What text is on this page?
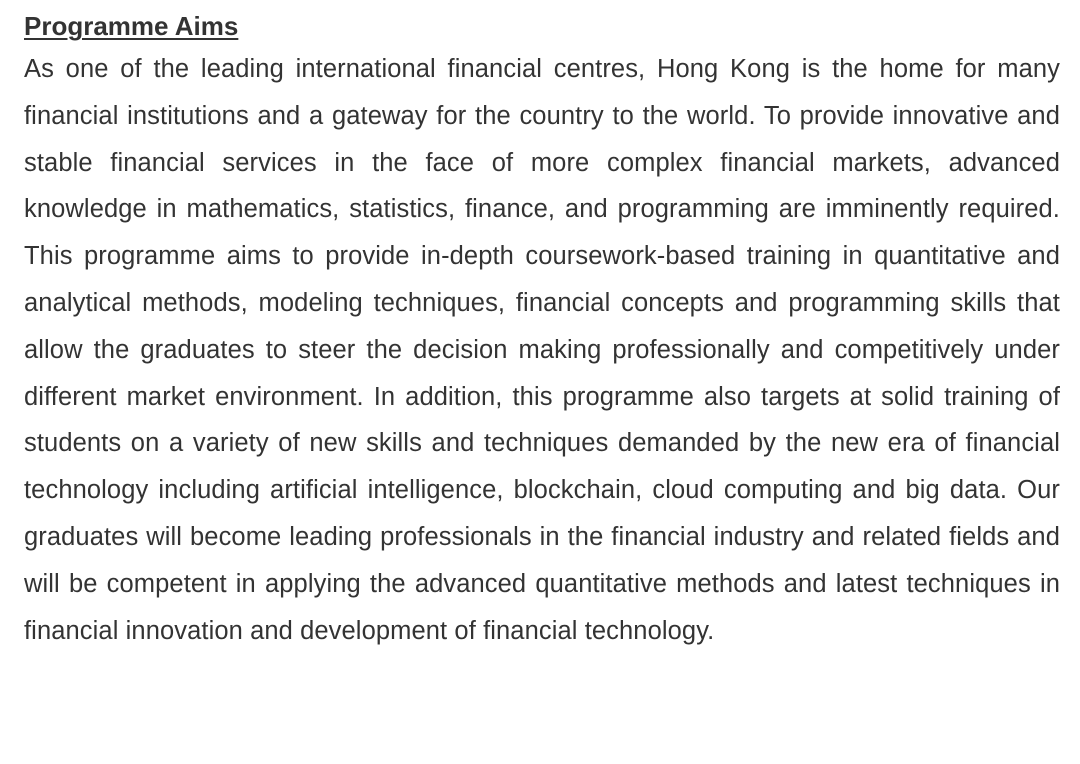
Programme Aims

As one of the leading international financial centres, Hong Kong is the home for many financial institutions and a gateway for the country to the world. To provide innovative and stable financial services in the face of more complex financial markets, advanced knowledge in mathematics, statistics, finance, and programming are imminently required. This programme aims to provide in-depth coursework-based training in quantitative and analytical methods, modeling techniques, financial concepts and programming skills that allow the graduates to steer the decision making professionally and competitively under different market environment. In addition, this programme also targets at solid training of students on a variety of new skills and techniques demanded by the new era of financial technology including artificial intelligence, blockchain, cloud computing and big data. Our graduates will become leading professionals in the financial industry and related fields and will be competent in applying the advanced quantitative methods and latest techniques in financial innovation and development of financial technology.
